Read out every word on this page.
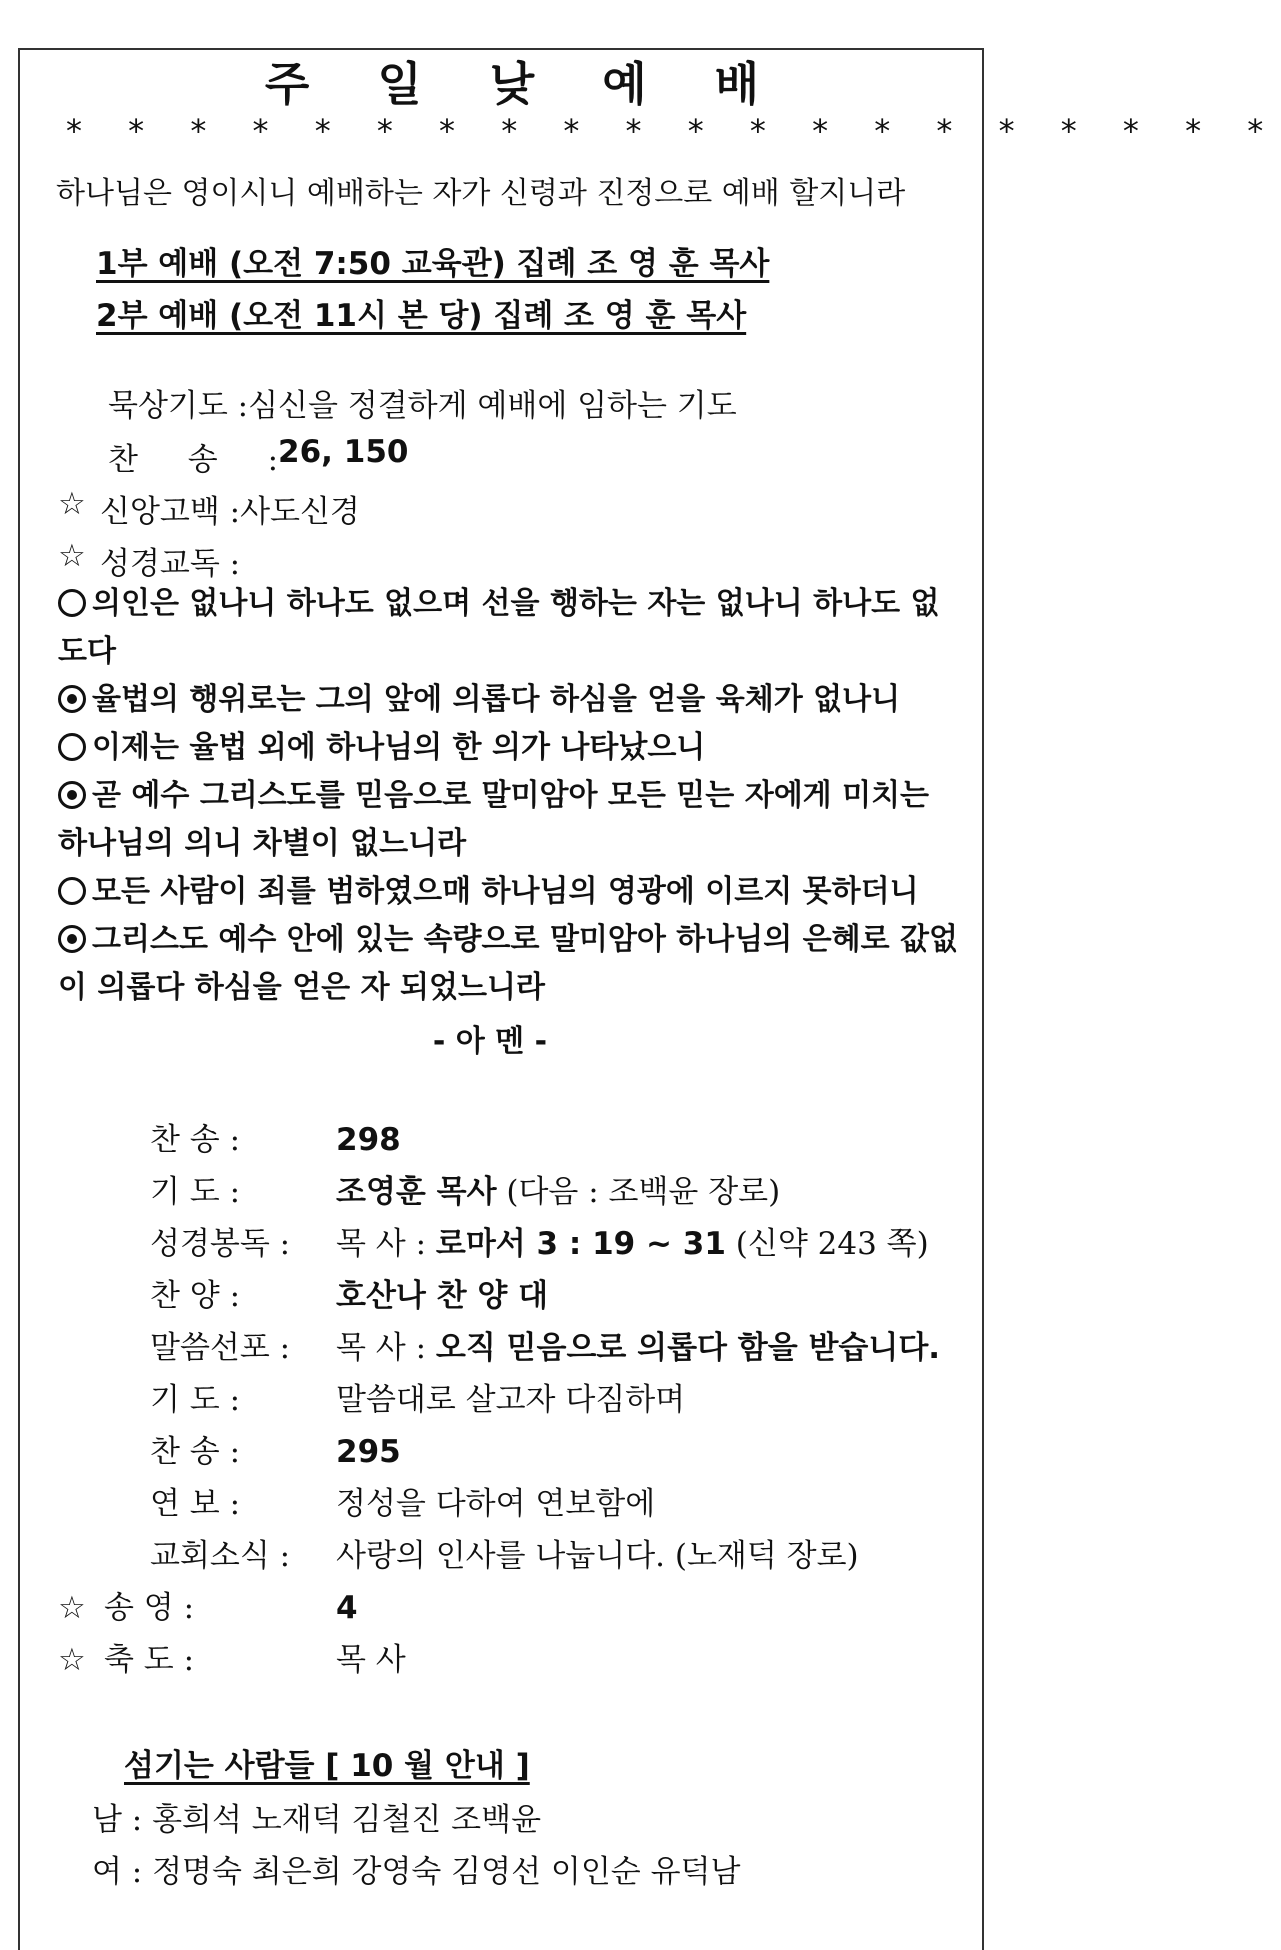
주 일 낮 예 배
* * * * * * * * * * * * * * * * * * * *
하나님은 영이시니 예배하는 자가 신령과 진정으로 예배 할지니라
1부 예배 (오전 7:50 교육관) 집례 조 영 훈 목사
2부 예배 (오전 11시 본 당) 집례 조 영 훈 목사
묵상기도 : 심신을 정결하게 예배에 임하는 기도
찬 송 : 26, 150
☆ 신앙고백 : 사도신경
☆ 성경교독 :
의인은 없나니 하나도 없으며 선을 행하는 자는 없나니 하나도 없도다
율법의 행위로는 그의 앞에 의롭다 하심을 얻을 육체가 없나니
이제는 율법 외에 하나님의 한 의가 나타났으니
곧 예수 그리스도를 믿음으로 말미암아 모든 믿는 자에게 미치는 하나님의 의니 차별이 없느니라
모든 사람이 죄를 범하였으매 하나님의 영광에 이르지 못하더니
그리스도 예수 안에 있는 속량으로 말미암아 하나님의 은혜로 값없이 의롭다 하심을 얻은 자 되었느니라
- 아 멘 -
찬 송 :	298
기 도 :	조영훈 목사 (다음 : 조백윤 장로)
성경봉독 : 목 사 : 로마서 3 : 19 ~ 31 (신약 243 쪽)
찬 양 :	호산나 찬 양 대
말씀선포 : 목 사 : 오직 믿음으로 의롭다 함을 받습니다.
기 도 :	말씀대로 살고자 다짐하며
찬 송 :	295
연 보 :	정성을 다하여 연보함에
교회소식 : 사랑의 인사를 나눕니다. (노재덕 장로)
☆ 송 영 :	4
☆ 축 도 :	목 사
섬기는 사람들 [ 10 월 안내 ]
남 : 홍희석 노재덕 김철진 조백윤
여 : 정명숙 최은희 강영숙 김영선 이인순 유덕남
